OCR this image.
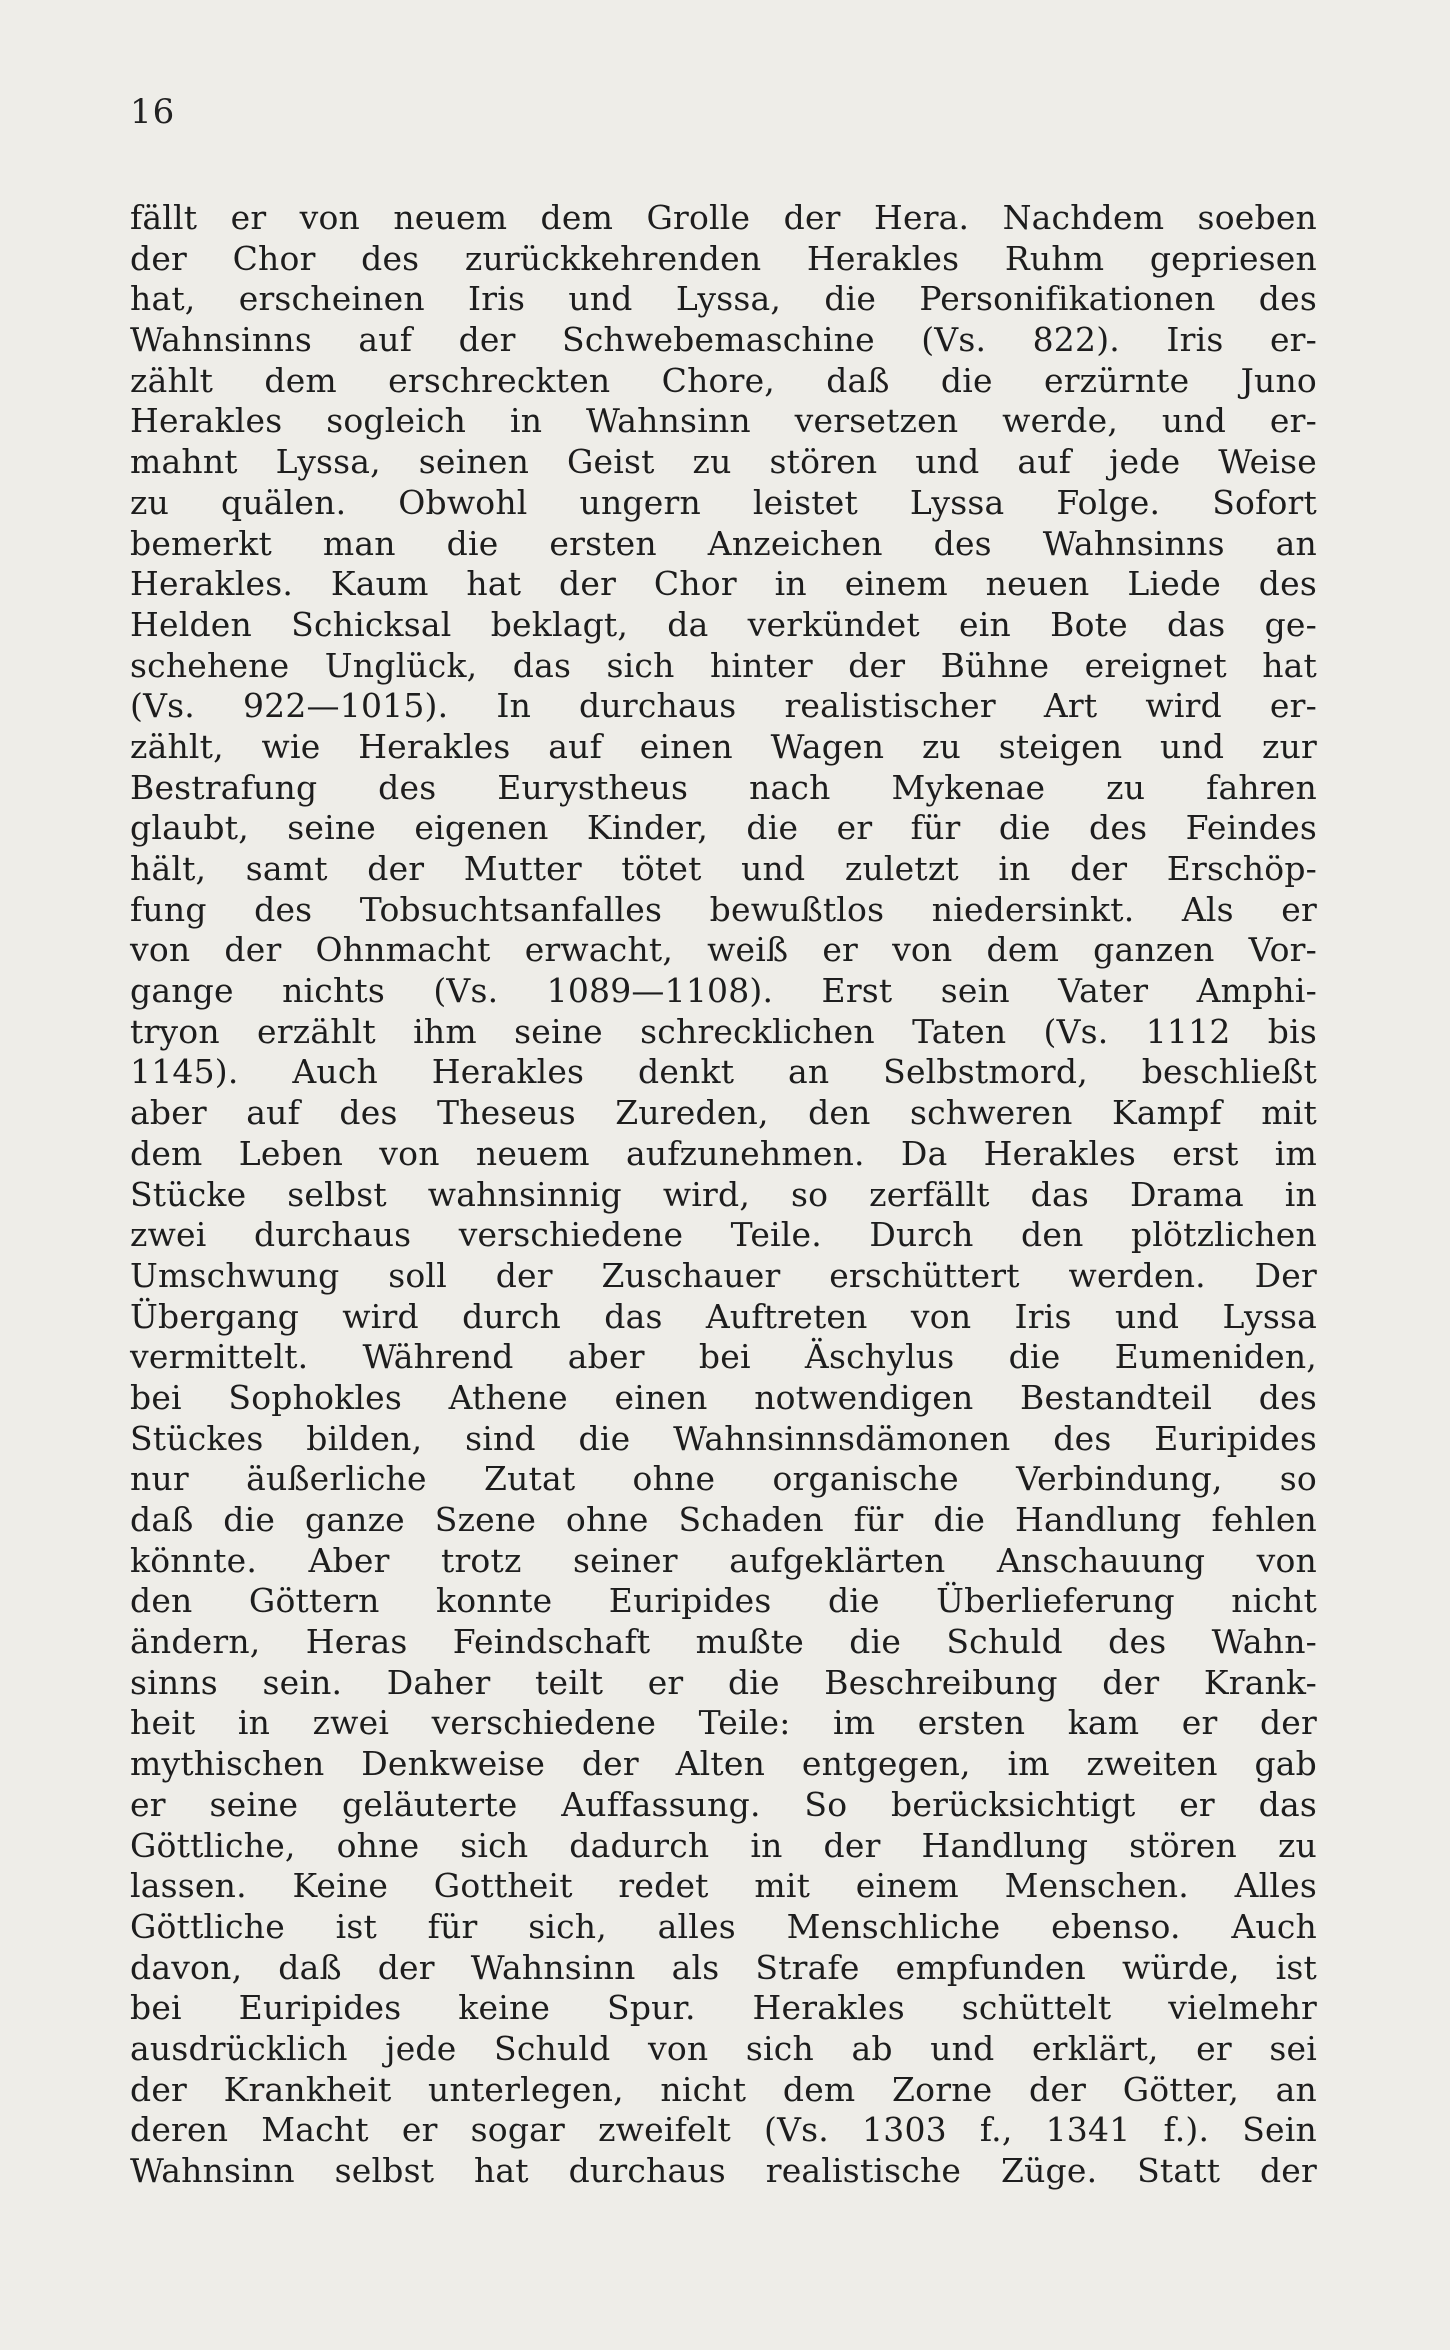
16
fällt er von neuem dem Grolle der Hera. Nachdem soeben
der Chor des zurückkehrenden Herakles Ruhm gepriesen
hat, erscheinen Iris und Lyssa, die Personifikationen des
Wahnsinns auf der Schwebemaschine (Vs. 822). Iris er-
zählt dem erschreckten Chore, daß die erzürnte Juno
Herakles sogleich in Wahnsinn versetzen werde, und er-
mahnt Lyssa, seinen Geist zu stören und auf jede Weise
zu quälen. Obwohl ungern leistet Lyssa Folge. Sofort
bemerkt man die ersten Anzeichen des Wahnsinns an
Herakles. Kaum hat der Chor in einem neuen Liede des
Helden Schicksal beklagt, da verkündet ein Bote das ge-
schehene Unglück, das sich hinter der Bühne ereignet hat
(Vs. 922—1015). In durchaus realistischer Art wird er-
zählt, wie Herakles auf einen Wagen zu steigen und zur
Bestrafung des Eurystheus nach Mykenae zu fahren
glaubt, seine eigenen Kinder, die er für die des Feindes
hält, samt der Mutter tötet und zuletzt in der Erschöp-
fung des Tobsuchtsanfalles bewußtlos niedersinkt. Als er
von der Ohnmacht erwacht, weiß er von dem ganzen Vor-
gange nichts (Vs. 1089—1108). Erst sein Vater Amphi-
tryon erzählt ihm seine schrecklichen Taten (Vs. 1112 bis
1145). Auch Herakles denkt an Selbstmord, beschließt
aber auf des Theseus Zureden, den schweren Kampf mit
dem Leben von neuem aufzunehmen. Da Herakles erst im
Stücke selbst wahnsinnig wird, so zerfällt das Drama in
zwei durchaus verschiedene Teile. Durch den plötzlichen
Umschwung soll der Zuschauer erschüttert werden. Der
Übergang wird durch das Auftreten von Iris und Lyssa
vermittelt. Während aber bei Äschylus die Eumeniden,
bei Sophokles Athene einen notwendigen Bestandteil des
Stückes bilden, sind die Wahnsinnsdämonen des Euripides
nur äußerliche Zutat ohne organische Verbindung, so
daß die ganze Szene ohne Schaden für die Handlung fehlen
könnte. Aber trotz seiner aufgeklärten Anschauung von
den Göttern konnte Euripides die Überlieferung nicht
ändern, Heras Feindschaft mußte die Schuld des Wahn-
sinns sein. Daher teilt er die Beschreibung der Krank-
heit in zwei verschiedene Teile: im ersten kam er der
mythischen Denkweise der Alten entgegen, im zweiten gab
er seine geläuterte Auffassung. So berücksichtigt er das
Göttliche, ohne sich dadurch in der Handlung stören zu
lassen. Keine Gottheit redet mit einem Menschen. Alles
Göttliche ist für sich, alles Menschliche ebenso. Auch
davon, daß der Wahnsinn als Strafe empfunden würde, ist
bei Euripides keine Spur. Herakles schüttelt vielmehr
ausdrücklich jede Schuld von sich ab und erklärt, er sei
der Krankheit unterlegen, nicht dem Zorne der Götter, an
deren Macht er sogar zweifelt (Vs. 1303 f., 1341 f.). Sein
Wahnsinn selbst hat durchaus realistische Züge. Statt der
